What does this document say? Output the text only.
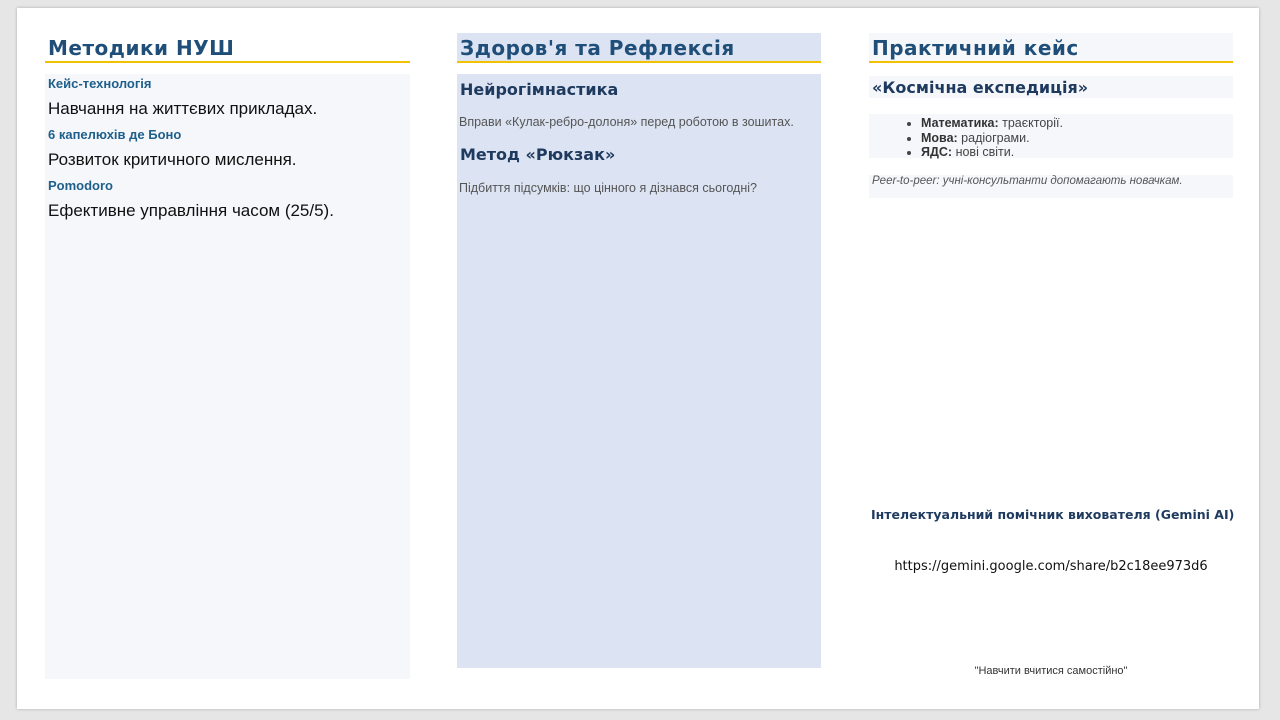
Методики НУШ

Кейс-технологія

Навчання на життєвих прикладах.

6 капелюхів де Боно

Розвиток критичного мислення.

Pomodoro

Ефективне управління часом (25/5).

Здоров'я та Рефлексія

Нейрогімнастика

Вправи «Кулак-ребро-долоня» перед роботою в зошитах.

Метод «Рюкзак»

Підбиття підсумків: що цінного я дізнався сьогодні?

Практичний кейс

«Космічна експедиція»

• Математика: траєкторії.
• Мова: радіограми.
• ЯДС: нові світи.

Peer-to-peer: учні-консультанти допомагають новачкам.

Інтелектуальний помічник вихователя (Gemini AI)
https://gemini.google.com/share/b2c18ee973d6
"Навчити вчитися самостійно"
